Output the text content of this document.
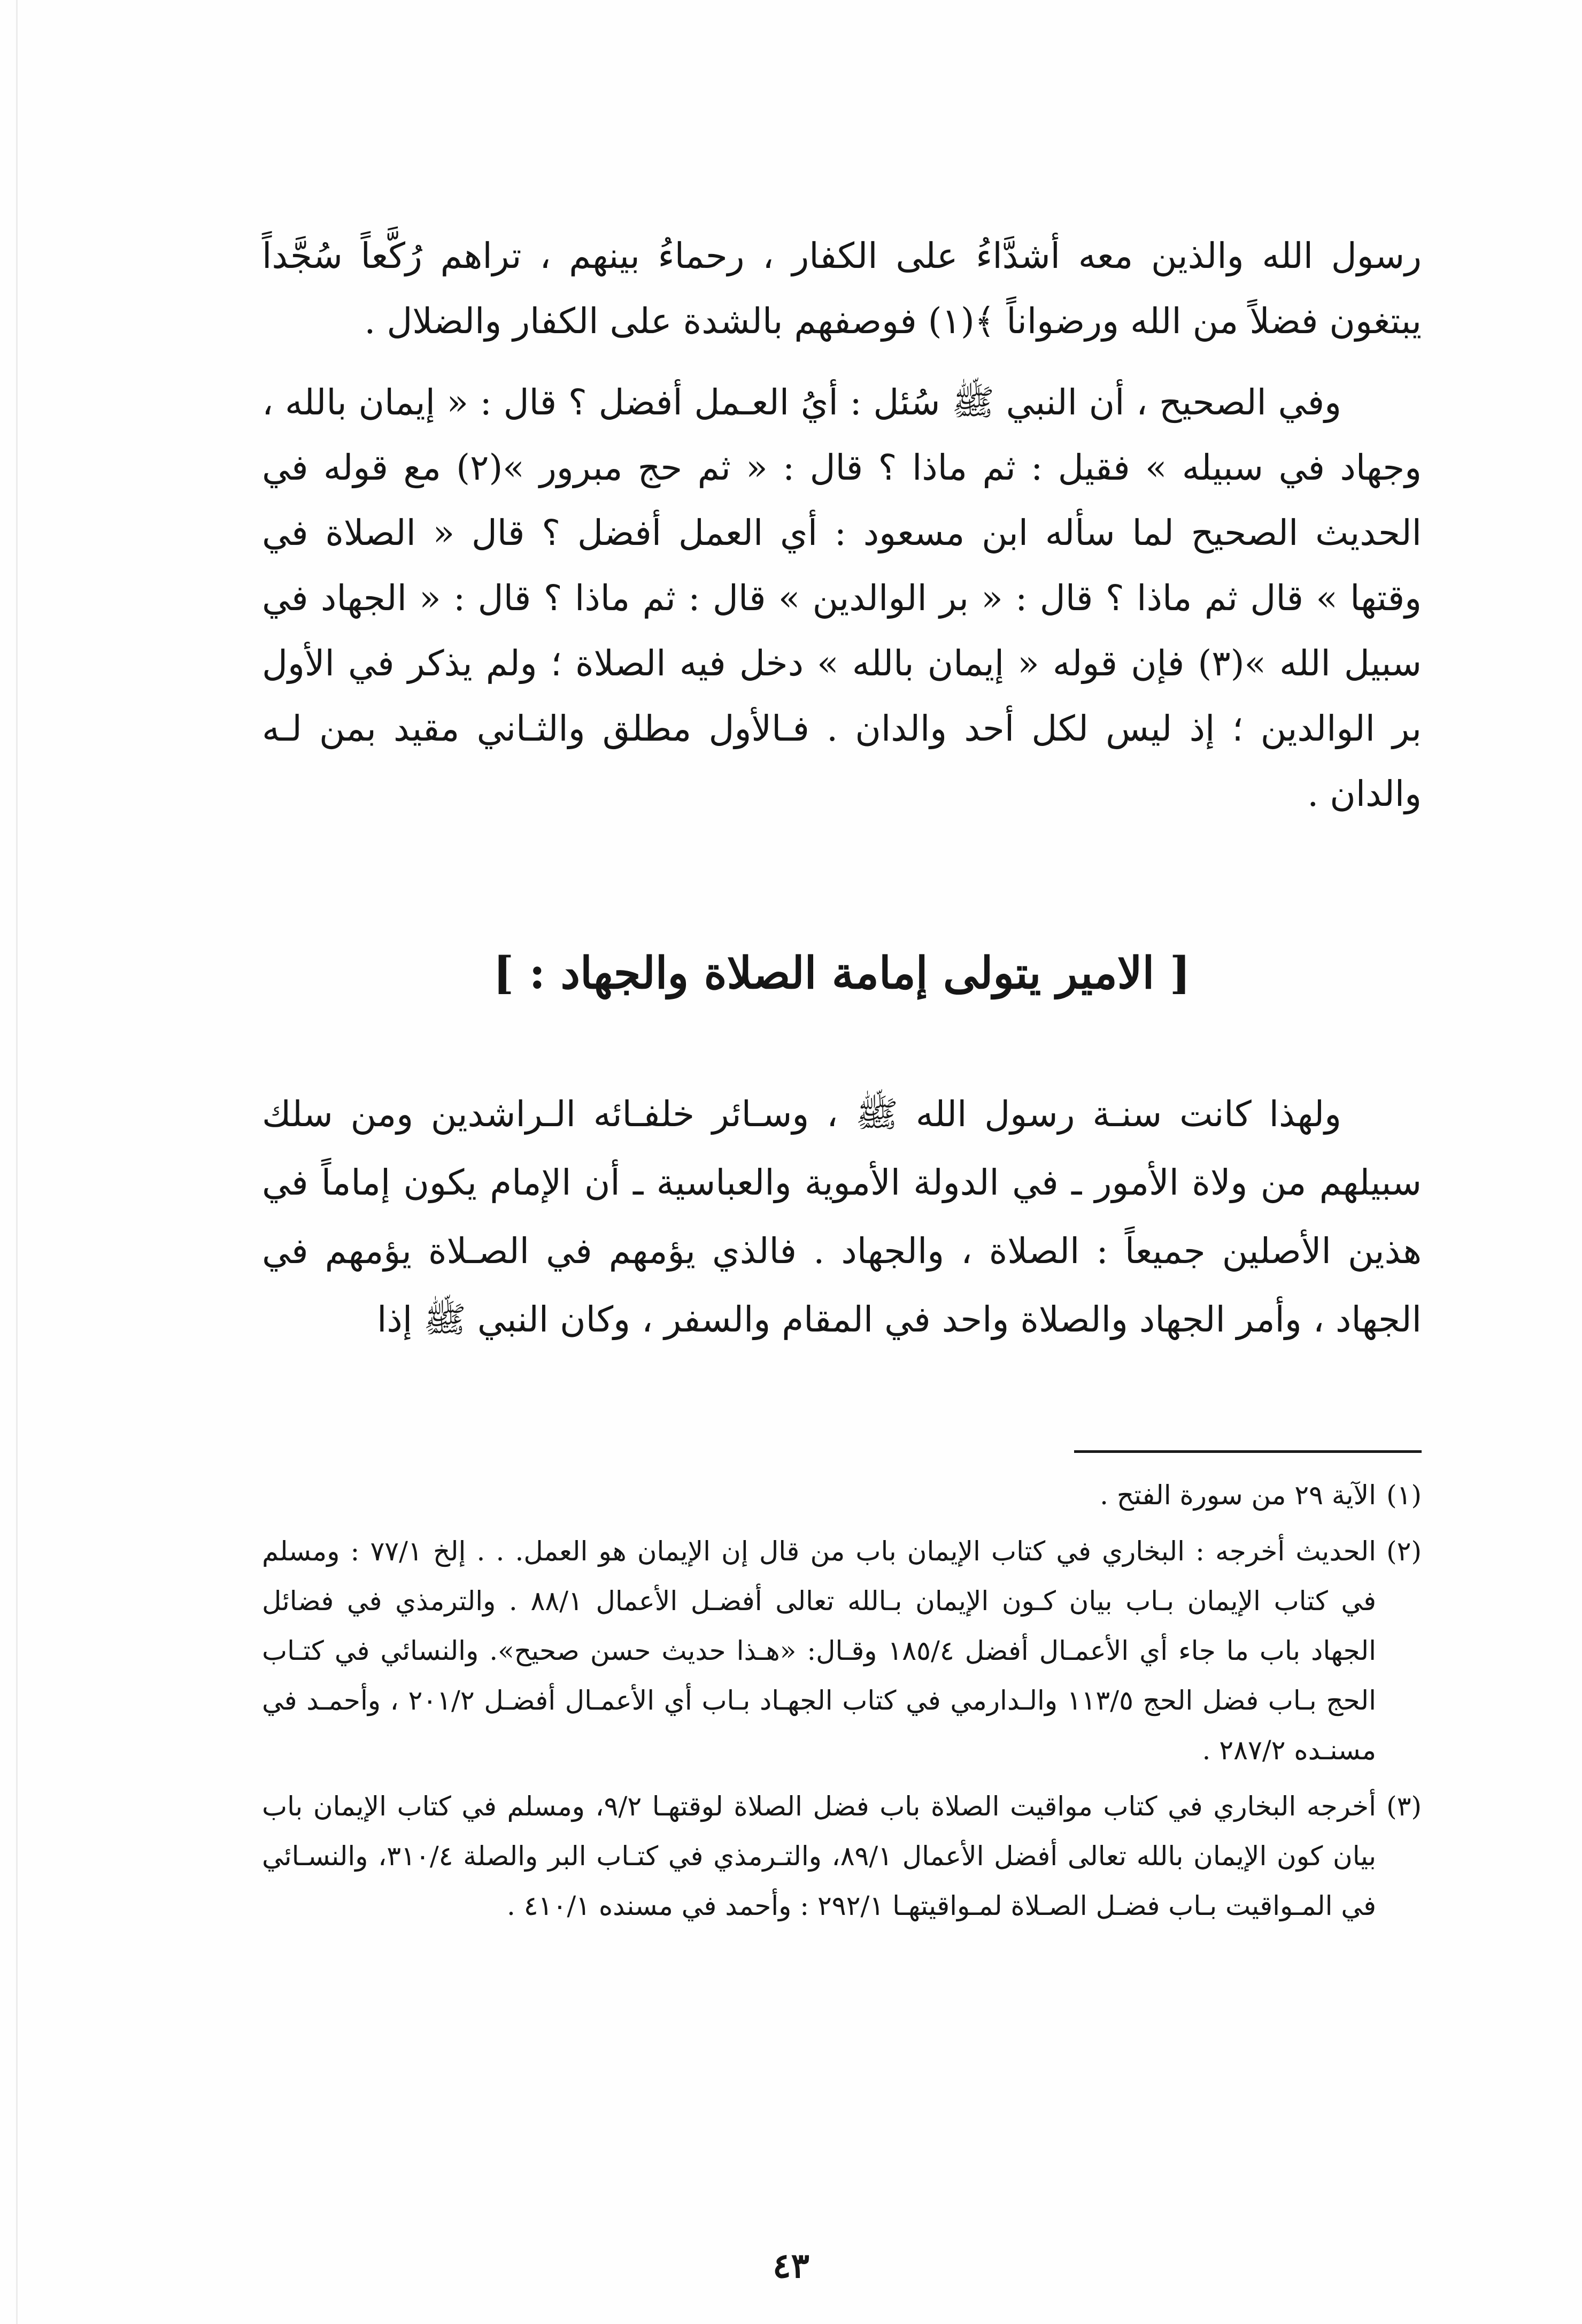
رسول الله والذين معه أشدَّاءُ على الكفار ، رحماءُ بينهم ، تراهم رُكَّعاً سُجَّداً يبتغون فضلاً من الله ورضواناً ﴾(١) فوصفهم بالشدة على الكفار والضلال .

وفي الصحيح ، أن النبي ﷺ سُئل : أيُ العـمل أفضل ؟ قال : « إيمان بالله ، وجهاد في سبيله » فقيل : ثم ماذا ؟ قال : « ثم حج مبرور »(٢) مع قوله في الحديث الصحيح لما سأله ابن مسعود : أي العمل أفضل ؟ قال « الصلاة في وقتها » قال ثم ماذا ؟ قال : « بر الوالدين » قال : ثم ماذا ؟ قال : « الجهاد في سبيل الله »(٣) فإن قوله « إيمان بالله » دخل فيه الصلاة ؛ ولم يذكر في الأول بر الوالدين ؛ إذ ليس لكل أحد والدان . فـالأول مطلق والثـاني مقيد بمن لـه والدان .

[ الامير يتولى إمامة الصلاة والجهاد : ]

ولهذا كانت سنـة رسول الله ﷺ ، وسـائر خلفـائه الـراشدين ومن سلك سبيلهم من ولاة الأمور ـ في الدولة الأموية والعباسية ـ أن الإمام يكون إماماً في هذين الأصلين جميعاً : الصلاة ، والجهاد . فالذي يؤمهم في الصـلاة يؤمهم في الجهاد ، وأمر الجهاد والصلاة واحد في المقام والسفر ، وكان النبي ﷺ إذا

(١)
الآية ٢٩ من سورة الفتح .

(٢)
الحديث أخرجه : البخاري في كتاب الإيمان باب من قال إن الإيمان هو العمل. . . إلخ ٧٧/١ : ومسلم في كتاب الإيمان بـاب بيان كـون الإيمان بـالله تعالى أفضـل الأعمال ٨٨/١ . والترمذي في فضائل الجهاد باب ما جاء أي الأعمـال أفضل ١٨٥/٤ وقـال: «هـذا حديث حسن صحيح». والنسائي في كتـاب الحج بـاب فضل الحج ١١٣/٥ والـدارمي في كتاب الجهـاد بـاب أي الأعمـال أفضـل ٢٠١/٢ ، وأحمـد في مسنـده ٢٨٧/٢ .

(٣)
أخرجه البخاري في كتاب مواقيت الصلاة باب فضل الصلاة لوقتهـا ٩/٢، ومسلم في كتاب الإيمان باب بيان كون الإيمان بالله تعالى أفضل الأعمال ٨٩/١، والتـرمذي في كتـاب البر والصلة ٣١٠/٤، والنسـائي في المـواقيت بـاب فضـل الصـلاة لمـواقيتهـا ٢٩٢/١ : وأحمد في مسنده ٤١٠/١ .

٤٣
